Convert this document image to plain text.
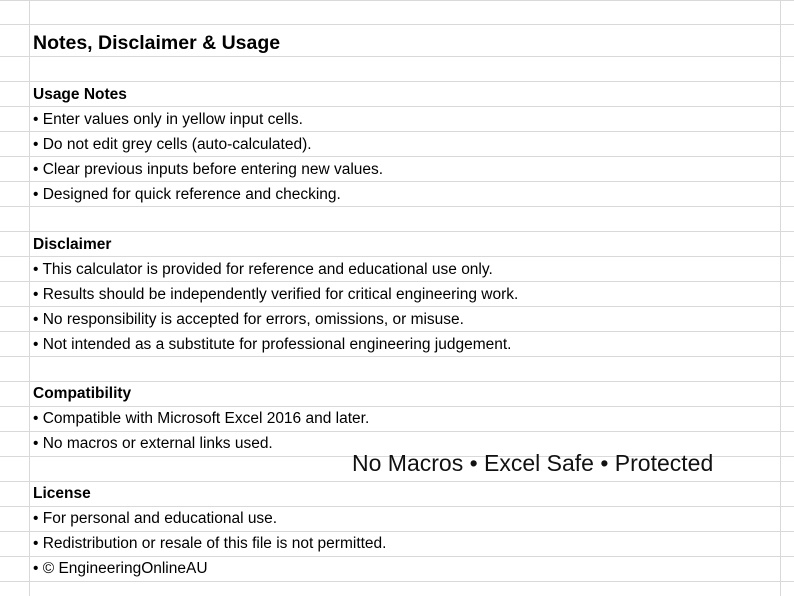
Notes, Disclaimer & Usage
Usage Notes
• Enter values only in yellow input cells.
• Do not edit grey cells (auto-calculated).
• Clear previous inputs before entering new values.
• Designed for quick reference and checking.
Disclaimer
• This calculator is provided for reference and educational use only.
• Results should be independently verified for critical engineering work.
• No responsibility is accepted for errors, omissions, or misuse.
• Not intended as a substitute for professional engineering judgement.
Compatibility
• Compatible with Microsoft Excel 2016 and later.
• No macros or external links used.
No Macros • Excel Safe • Protected
License
• For personal and educational use.
• Redistribution or resale of this file is not permitted.
• © EngineeringOnlineAU
